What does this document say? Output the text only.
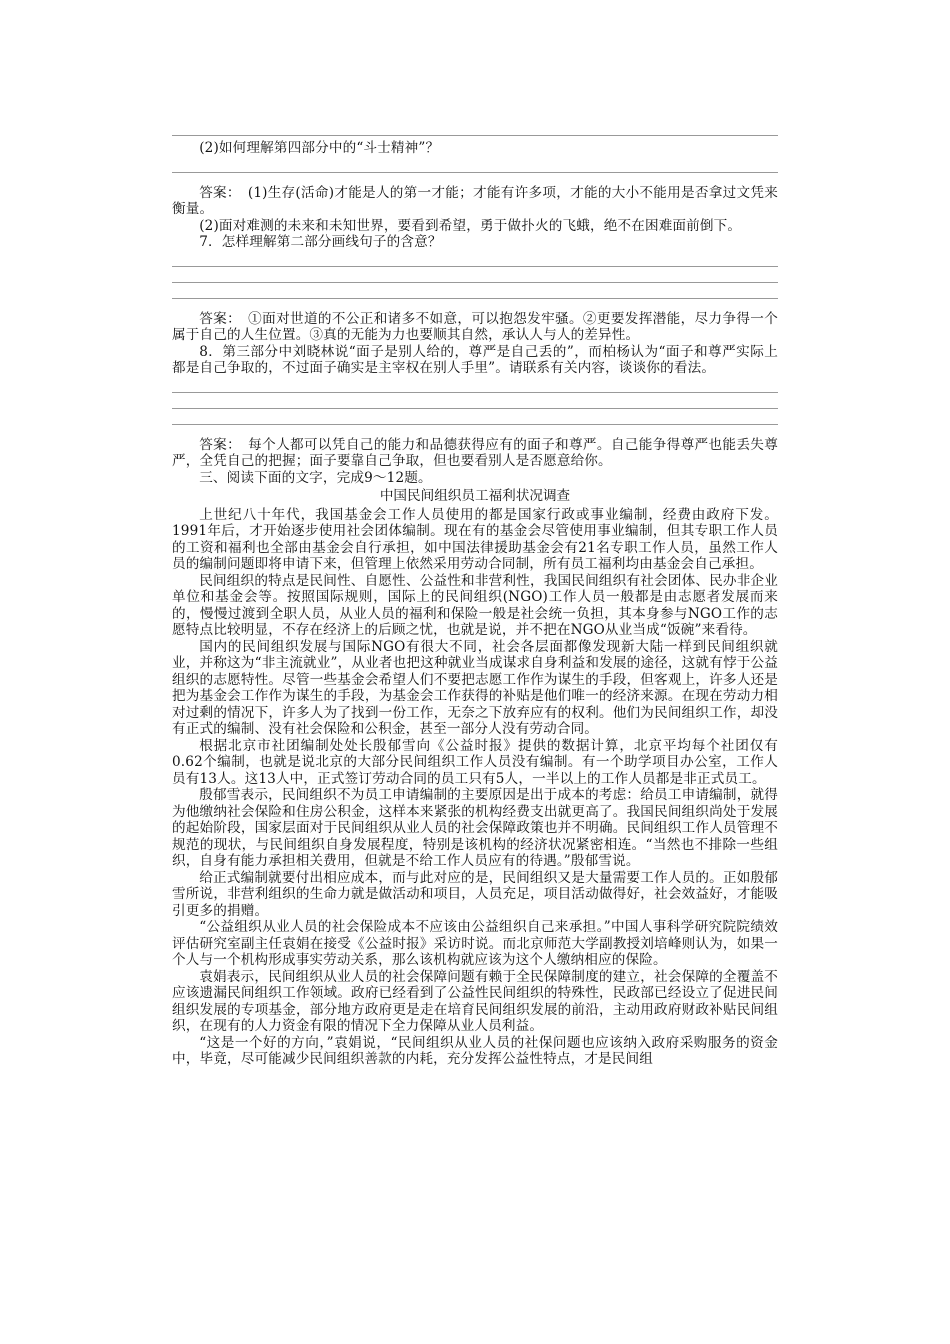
(2)如何理解第四部分中的“斗士精神”？

答案：　(1)生存(活命)才能是人的第一才能；才能有许多项，才能的大小不能用是否拿过文凭来衡量。

(2)面对难测的未来和未知世界，要看到希望，勇于做扑火的飞蛾，绝不在困难面前倒下。

7．怎样理解第二部分画线句子的含意？

答案：　①面对世道的不公正和诸多不如意，可以抱怨发牢骚。②更要发挥潜能，尽力争得一个属于自己的人生位置。③真的无能为力也要顺其自然，承认人与人的差异性。

8．第三部分中刘晓林说“面子是别人给的，尊严是自己丢的”，而柏杨认为“面子和尊严实际上都是自己争取的，不过面子确实是主宰权在别人手里”。请联系有关内容，谈谈你的看法。

答案：　每个人都可以凭自己的能力和品德获得应有的面子和尊严。自己能争得尊严也能丢失尊严，全凭自己的把握；面子要靠自己争取，但也要看别人是否愿意给你。

三、阅读下面的文字，完成9～12题。

中国民间组织员工福利状况调查

上世纪八十年代，我国基金会工作人员使用的都是国家行政或事业编制，经费由政府下发。1991年后，才开始逐步使用社会团体编制。现在有的基金会尽管使用事业编制，但其专职工作人员的工资和福利也全部由基金会自行承担，如中国法律援助基金会有21名专职工作人员，虽然工作人员的编制问题即将申请下来，但管理上依然采用劳动合同制，所有员工福利均由基金会自己承担。

民间组织的特点是民间性、自愿性、公益性和非营利性，我国民间组织有社会团体、民办非企业单位和基金会等。按照国际规则，国际上的民间组织(NGO)工作人员一般都是由志愿者发展而来的，慢慢过渡到全职人员，从业人员的福利和保险一般是社会统一负担，其本身参与NGO工作的志愿特点比较明显，不存在经济上的后顾之忧，也就是说，并不把在NGO从业当成“饭碗”来看待。

国内的民间组织发展与国际NGO有很大不同，社会各层面都像发现新大陆一样到民间组织就业，并称这为“非主流就业”，从业者也把这种就业当成谋求自身利益和发展的途径，这就有悖于公益组织的志愿特性。尽管一些基金会希望人们不要把志愿工作作为谋生的手段，但客观上，许多人还是把为基金会工作作为谋生的手段，为基金会工作获得的补贴是他们唯一的经济来源。在现在劳动力相对过剩的情况下，许多人为了找到一份工作，无奈之下放弃应有的权利。他们为民间组织工作，却没有正式的编制、没有社会保险和公积金，甚至一部分人没有劳动合同。

根据北京市社团编制处处长殷郁雪向《公益时报》提供的数据计算，北京平均每个社团仅有0.62个编制，也就是说北京的大部分民间组织工作人员没有编制。有一个助学项目办公室，工作人员有13人。这13人中，正式签订劳动合同的员工只有5人，一半以上的工作人员都是非正式员工。

殷郁雪表示，民间组织不为员工申请编制的主要原因是出于成本的考虑：给员工申请编制，就得为他缴纳社会保险和住房公积金，这样本来紧张的机构经费支出就更高了。我国民间组织尚处于发展的起始阶段，国家层面对于民间组织从业人员的社会保障政策也并不明确。民间组织工作人员管理不规范的现状，与民间组织自身发展程度，特别是该机构的经济状况紧密相连。“当然也不排除一些组织，自身有能力承担相关费用，但就是不给工作人员应有的待遇。”殷郁雪说。

给正式编制就要付出相应成本，而与此对应的是，民间组织又是大量需要工作人员的。正如殷郁雪所说，非营利组织的生命力就是做活动和项目，人员充足，项目活动做得好，社会效益好，才能吸引更多的捐赠。

“公益组织从业人员的社会保险成本不应该由公益组织自己来承担。”中国人事科学研究院院绩效评估研究室副主任袁娟在接受《公益时报》采访时说。而北京师范大学副教授刘培峰则认为，如果一个人与一个机构形成事实劳动关系，那么该机构就应该为这个人缴纳相应的保险。

袁娟表示，民间组织从业人员的社会保障问题有赖于全民保障制度的建立，社会保障的全覆盖不应该遗漏民间组织工作领域。政府已经看到了公益性民间组织的特殊性，民政部已经设立了促进民间组织发展的专项基金，部分地方政府更是走在培育民间组织发展的前沿，主动用政府财政补贴民间组织，在现有的人力资金有限的情况下全力保障从业人员利益。

“这是一个好的方向，”袁娟说，“民间组织从业人员的社保问题也应该纳入政府采购服务的资金中，毕竟，尽可能减少民间组织善款的内耗，充分发挥公益性特点，才是民间组
